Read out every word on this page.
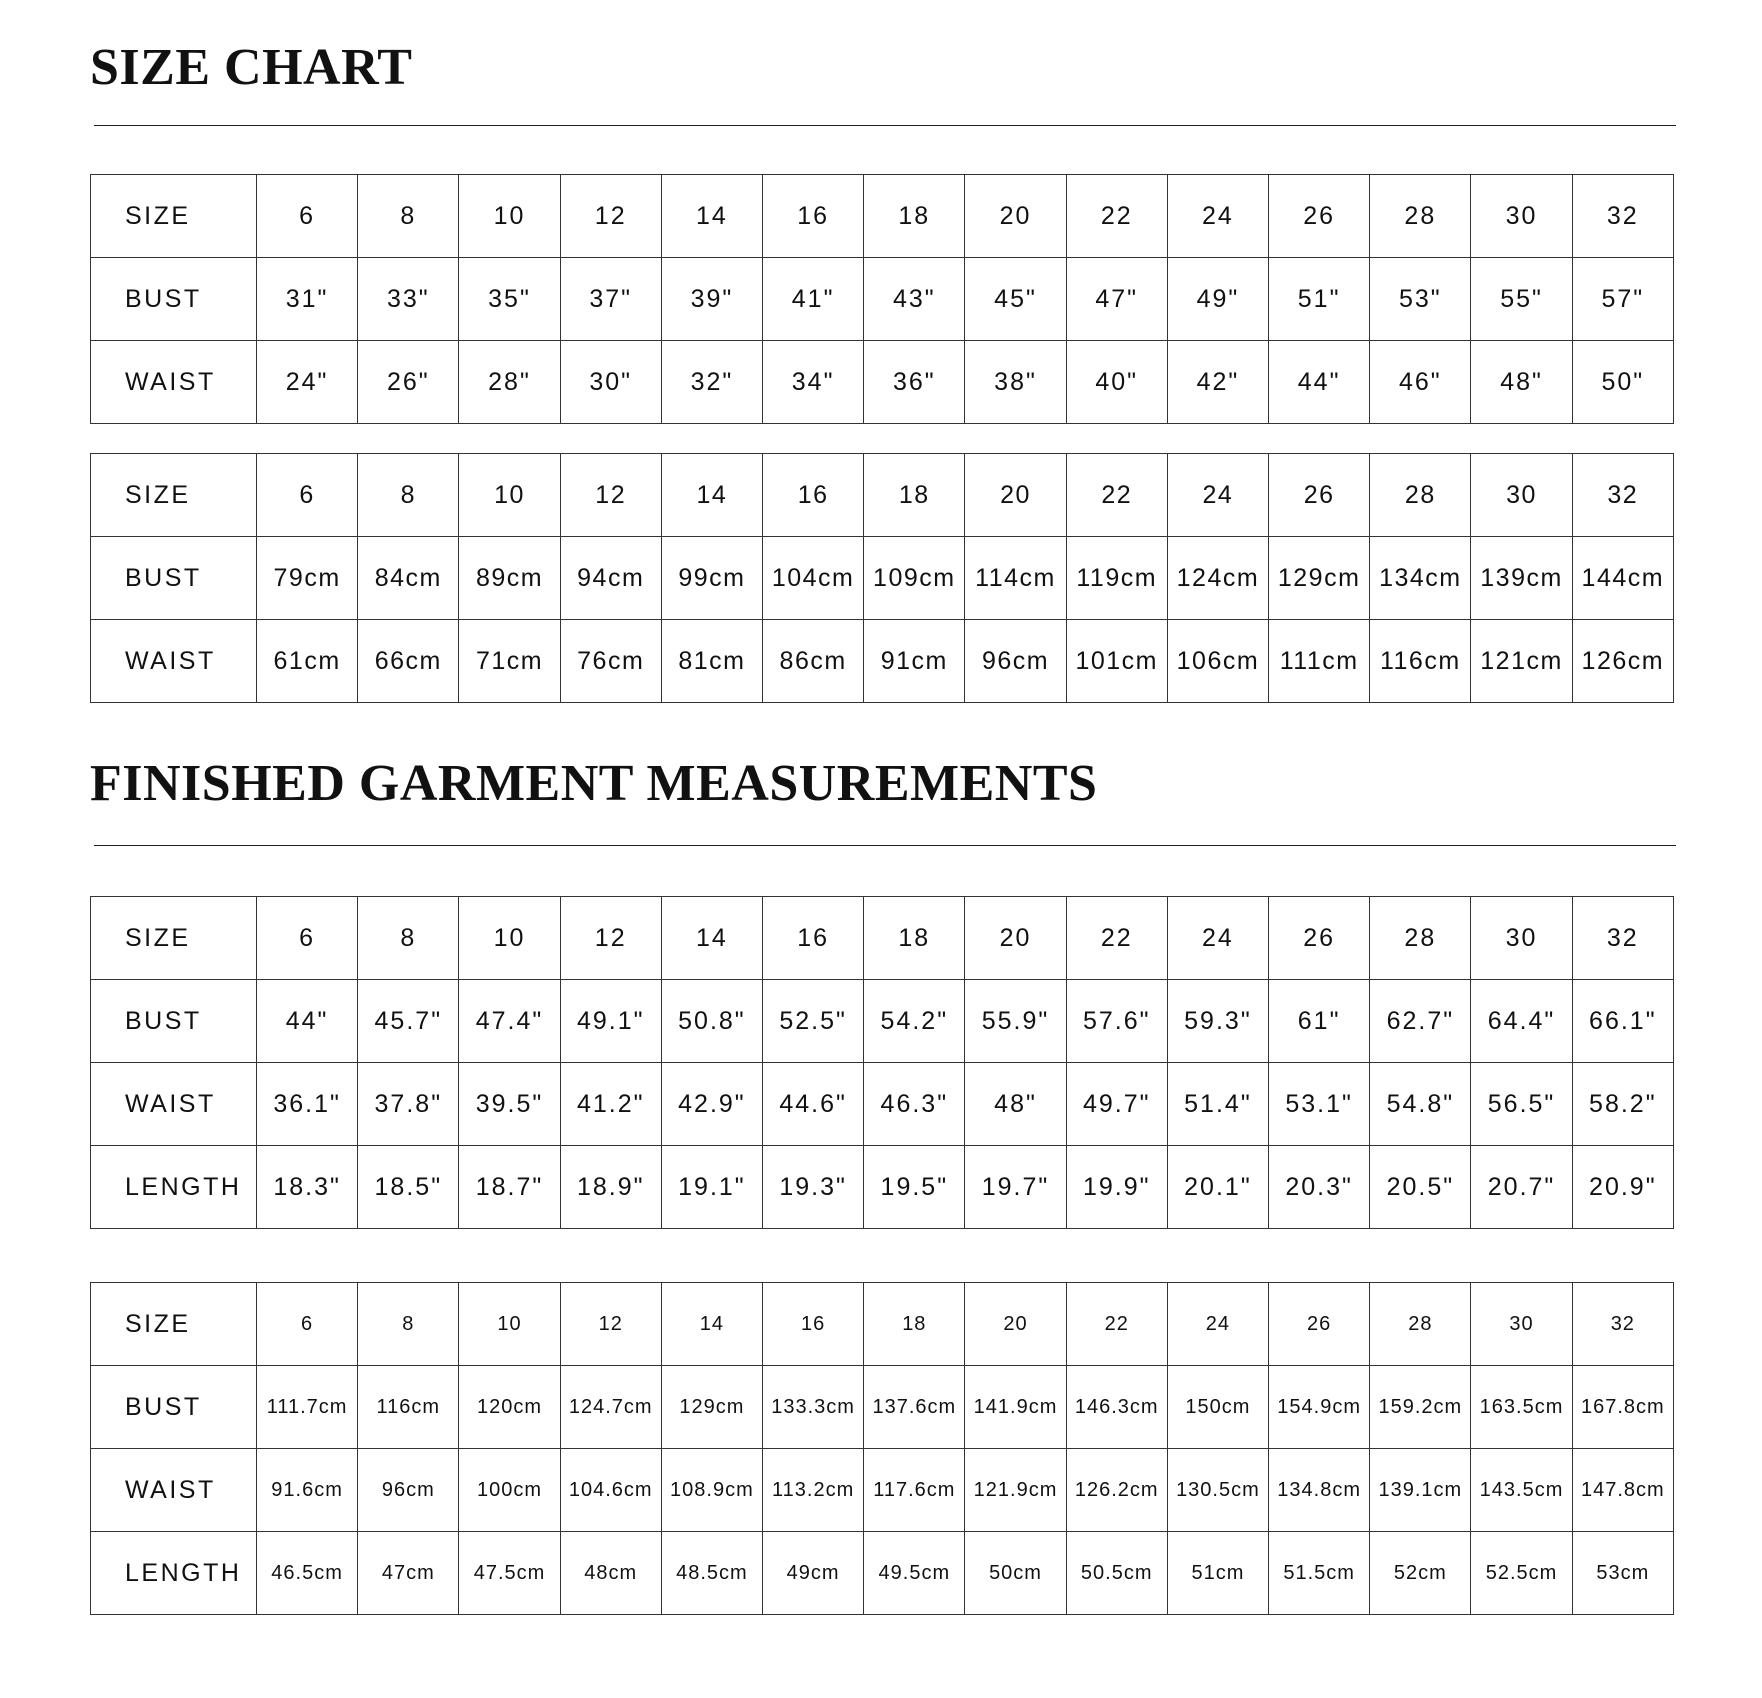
SIZE CHART
SIZE	6	8	10	12	14	16	18	20	22	24	26	28	30	32
BUST	31"	33"	35"	37"	39"	41"	43"	45"	47"	49"	51"	53"	55"	57"
WAIST	24"	26"	28"	30"	32"	34"	36"	38"	40"	42"	44"	46"	48"	50"
SIZE	6	8	10	12	14	16	18	20	22	24	26	28	30	32
BUST	79cm	84cm	89cm	94cm	99cm	104cm	109cm	114cm	119cm	124cm	129cm	134cm	139cm	144cm
WAIST	61cm	66cm	71cm	76cm	81cm	86cm	91cm	96cm	101cm	106cm	111cm	116cm	121cm	126cm
FINISHED GARMENT MEASUREMENTS
SIZE	6	8	10	12	14	16	18	20	22	24	26	28	30	32
BUST	44"	45.7"	47.4"	49.1"	50.8"	52.5"	54.2"	55.9"	57.6"	59.3"	61"	62.7"	64.4"	66.1"
WAIST	36.1"	37.8"	39.5"	41.2"	42.9"	44.6"	46.3"	48"	49.7"	51.4"	53.1"	54.8"	56.5"	58.2"
LENGTH	18.3"	18.5"	18.7"	18.9"	19.1"	19.3"	19.5"	19.7"	19.9"	20.1"	20.3"	20.5"	20.7"	20.9"
SIZE	6	8	10	12	14	16	18	20	22	24	26	28	30	32
BUST	111.7cm	116cm	120cm	124.7cm	129cm	133.3cm	137.6cm	141.9cm	146.3cm	150cm	154.9cm	159.2cm	163.5cm	167.8cm
WAIST	91.6cm	96cm	100cm	104.6cm	108.9cm	113.2cm	117.6cm	121.9cm	126.2cm	130.5cm	134.8cm	139.1cm	143.5cm	147.8cm
LENGTH	46.5cm	47cm	47.5cm	48cm	48.5cm	49cm	49.5cm	50cm	50.5cm	51cm	51.5cm	52cm	52.5cm	53cm
